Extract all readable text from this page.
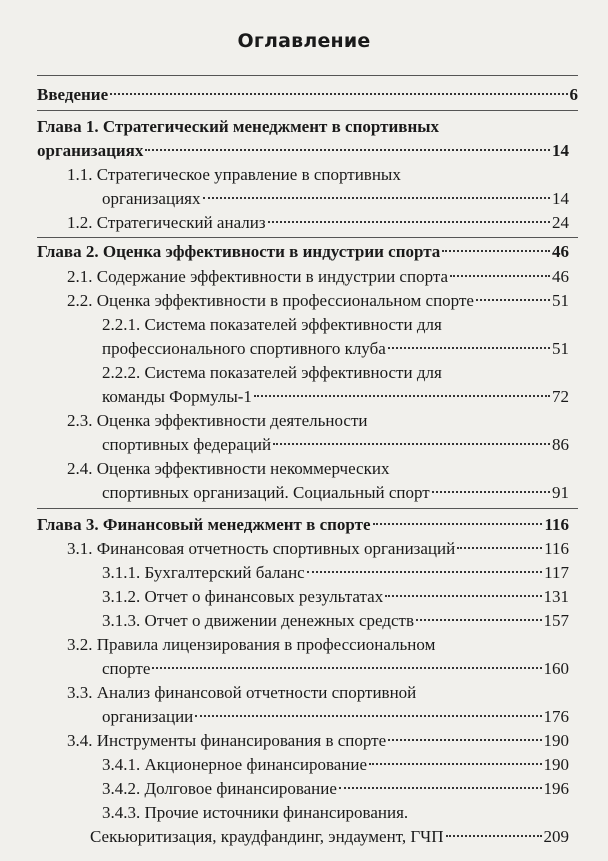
Оглавление
Введение	6
Глава 1. Стратегический менеджмент в спортивных
организациях	14
1.1. Стратегическое управление в спортивных
организациях	14
1.2. Стратегический анализ	24
Глава 2. Оценка эффективности в индустрии спорта	46
2.1. Содержание эффективности в индустрии спорта	46
2.2. Оценка эффективности в профессиональном спорте	51
2.2.1. Система показателей эффективности для
профессионального спортивного клуба	51
2.2.2. Система показателей эффективности для
команды Формулы-1	72
2.3. Оценка эффективности деятельности
спортивных федераций	86
2.4. Оценка эффективности некоммерческих
спортивных организаций. Социальный спорт	91
Глава 3. Финансовый менеджмент в спорте	116
3.1. Финансовая отчетность спортивных организаций	116
3.1.1. Бухгалтерский баланс	117
3.1.2. Отчет о финансовых результатах	131
3.1.3. Отчет о движении денежных средств	157
3.2. Правила лицензирования в профессиональном
спорте	160
3.3. Анализ финансовой отчетности спортивной
организации	176
3.4. Инструменты финансирования в спорте	190
3.4.1. Акционерное финансирование	190
3.4.2. Долговое финансирование	196
3.4.3. Прочие источники финансирования.
Секьюритизация, краудфандинг, эндаумент, ГЧП	209
